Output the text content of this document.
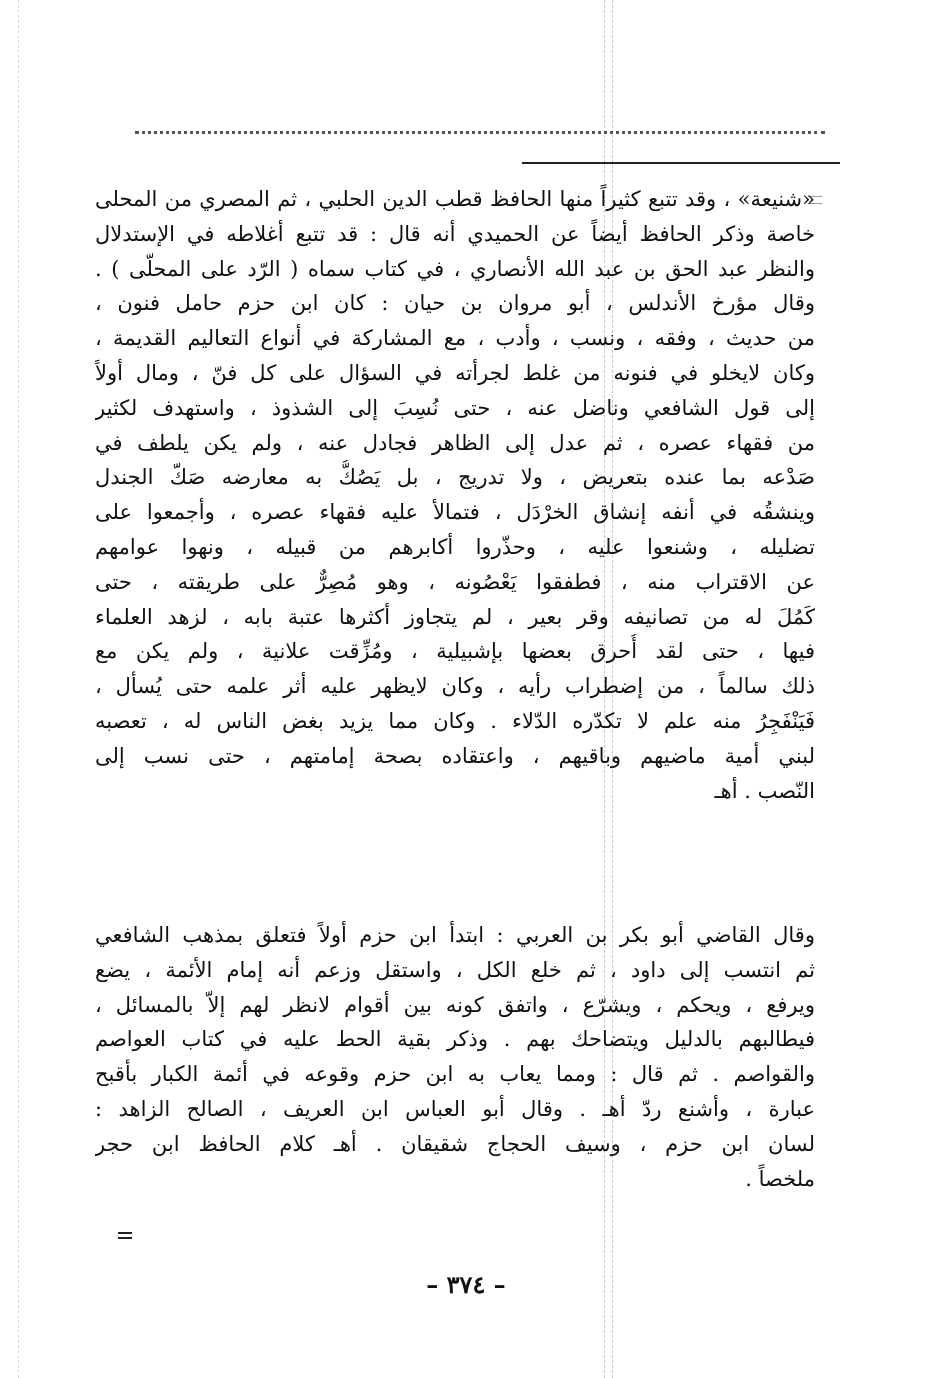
«شنيعة» ، وقد تتبع كثيراً منها الحافظ قطب الدين الحلبي ، ثم المصري من المحلى
خاصة وذكر الحافظ أيضاً عن الحميدي أنه قال : قد تتبع أغلاطه في الإستدلال
والنظر عبد الحق بن عبد الله الأنصاري ، في كتاب سماه ( الرّد على المحلّى ) .
وقال مؤرخ الأندلس ، أبو مروان بن حيان : كان ابن حزم حامل فنون ،
من حديث ، وفقه ، ونسب ، وأدب ، مع المشاركة في أنواع التعاليم القديمة ،
وكان لايخلو في فنونه من غلط لجرأته في السؤال على كل فنّ ، ومال أولاً
إلى قول الشافعي وناضل عنه ، حتى نُسِبَ إلى الشذوذ ، واستهدف لكثير
من فقهاء عصره ، ثم عدل إلى الظاهر فجادل عنه ، ولم يكن يلطف في
صَدْعه بما عنده بتعريض ، ولا تدريج ، بل يَصُكُّ به معارضه صَكّ الجندل
وينشقُه في أنفه إنشاق الخرْدَل ، فتمالأ عليه فقهاء عصره ، وأجمعوا على
تضليله ، وشنعوا عليه ، وحذّروا أكابرهم من قبيله ، ونهوا عوامهم
عن الاقتراب منه ، فطفقوا يَعْصُونه ، وهو مُصِرٌّ على طريقته ، حتى
كَمُلَ له من تصانيفه وقر بعير ، لم يتجاوز أكثرها عتبة بابه ، لزهد العلماء
فيها ، حتى لقد أُحرق بعضها بإشبيلية ، ومُزِّقت علانية ، ولم يكن مع
ذلك سالماً ، من إضطراب رأيه ، وكان لايظهر عليه أثر علمه حتى يُسأل ،
فَيَنْفَجِرُ منه علم لا تكدّره الدّلاء . وكان مما يزيد بغض الناس له ، تعصبه
لبني أمية ماضيهم وباقيهم ، واعتقاده بصحة إمامتهم ، حتى نسب إلى
النّصب . أهـ
وقال القاضي أبو بكر بن العربي : ابتدأ ابن حزم أولاً فتعلق بمذهب الشافعي
ثم انتسب إلى داود ، ثم خلع الكل ، واستقل وزعم أنه إمام الأئمة ، يضع
ويرفع ، ويحكم ، ويشرّع ، واتفق كونه بين أقوام لانظر لهم إلاّ بالمسائل ،
فيطالبهم بالدليل ويتضاحك بهم . وذكر بقية الحط عليه في كتاب العواصم
والقواصم . ثم قال : ومما يعاب به ابن حزم وقوعه في أئمة الكبار بأقبح
عبارة ، وأشنع ردّ أهـ . وقال أبو العباس ابن العريف ، الصالح الزاهد :
لسان ابن حزم ، وسيف الحجاج شقيقان . أهـ كلام الحافظ ابن حجر
ملخصاً .
– ٣٧٤ –
